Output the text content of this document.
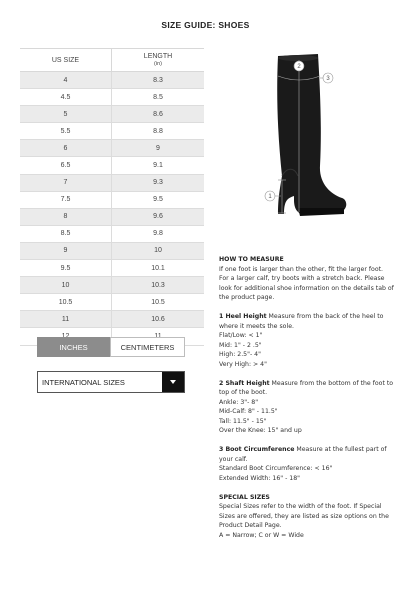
SIZE GUIDE: SHOES
US SIZE	LENGTH
(in)

4	8.3
4.5	8.5
5	8.6
5.5	8.8
6	9
6.5	9.1
7	9.3
7.5	9.5
8	9.6
8.5	9.8
9	10
9.5	10.1
10	10.3
10.5	10.5
11	10.6

INCHES	CENTIMETERS
INTERNATIONAL SIZES
1
2
3

HOW TO MEASURE

If one foot is larger than the other, fit the larger foot. For a larger calf, try boots with a stretch back. Please look for additional shoe information on the details tab of the product page.

1 Heel Height Measure from the back of the heel to where it meets the sole.

Flat/Low: < 1"

Mid: 1" - 2 .5"

High: 2.5"- 4"

Very High: > 4"

2 Shaft Height Measure from the bottom of the foot to top of the boot.

Ankle: 3"- 8"

Mid-Calf: 8" - 11.5"

Tall: 11.5" - 15"

Over the Knee: 15" and up

3 Boot Circumference Measure at the fullest part of your calf.

Standard Boot Circumference: < 16"

Extended Width: 16" - 18"

SPECIAL SIZES

Special Sizes refer to the width of the foot. If Special Sizes are offered, they are listed as size options on the Product Detail Page.

A = Narrow; C or W = Wide
